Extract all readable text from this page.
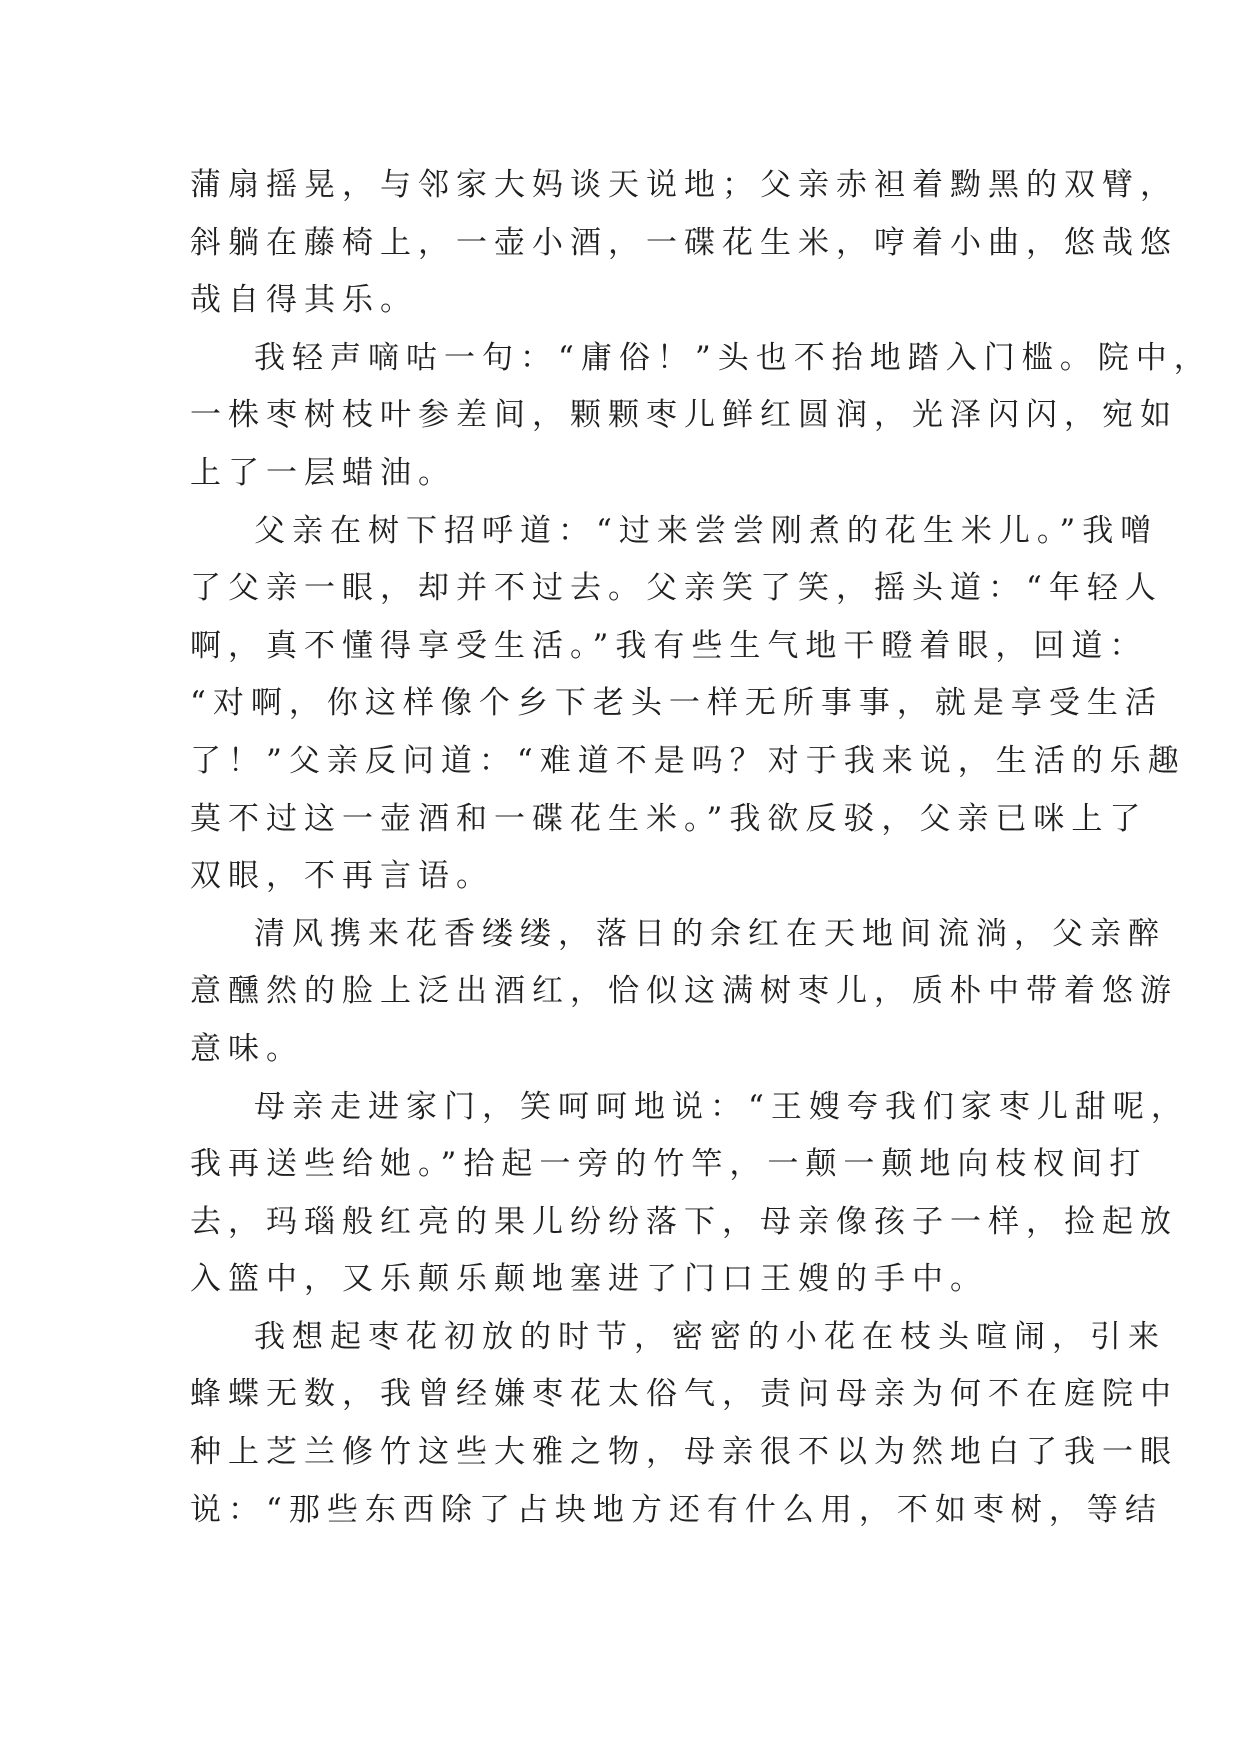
蒲扇摇晃，与邻家大妈谈天说地；父亲赤袒着黝黑的双臂，
斜躺在藤椅上，一壶小酒，一碟花生米，哼着小曲，悠哉悠
哉自得其乐。
我轻声嘀咕一句：“庸俗！”头也不抬地踏入门槛。院中，
一株枣树枝叶参差间，颗颗枣儿鲜红圆润，光泽闪闪，宛如
上了一层蜡油。
父亲在树下招呼道：“过来尝尝刚煮的花生米儿。”我噌
了父亲一眼，却并不过去。父亲笑了笑，摇头道：“年轻人
啊，真不懂得享受生活。”我有些生气地干瞪着眼，回道：
“对啊，你这样像个乡下老头一样无所事事，就是享受生活
了！”父亲反问道：“难道不是吗？对于我来说，生活的乐趣
莫不过这一壶酒和一碟花生米。”我欲反驳，父亲已咪上了
双眼，不再言语。
清风携来花香缕缕，落日的余红在天地间流淌，父亲醉
意醺然的脸上泛出酒红，恰似这满树枣儿，质朴中带着悠游
意味。
母亲走进家门，笑呵呵地说：“王嫂夸我们家枣儿甜呢，
我再送些给她。”拾起一旁的竹竿，一颠一颠地向枝杈间打
去，玛瑙般红亮的果儿纷纷落下，母亲像孩子一样，捡起放
入篮中，又乐颠乐颠地塞进了门口王嫂的手中。
我想起枣花初放的时节，密密的小花在枝头喧闹，引来
蜂蝶无数，我曾经嫌枣花太俗气，责问母亲为何不在庭院中
种上芝兰修竹这些大雅之物，母亲很不以为然地白了我一眼
说：“那些东西除了占块地方还有什么用，不如枣树，等结
